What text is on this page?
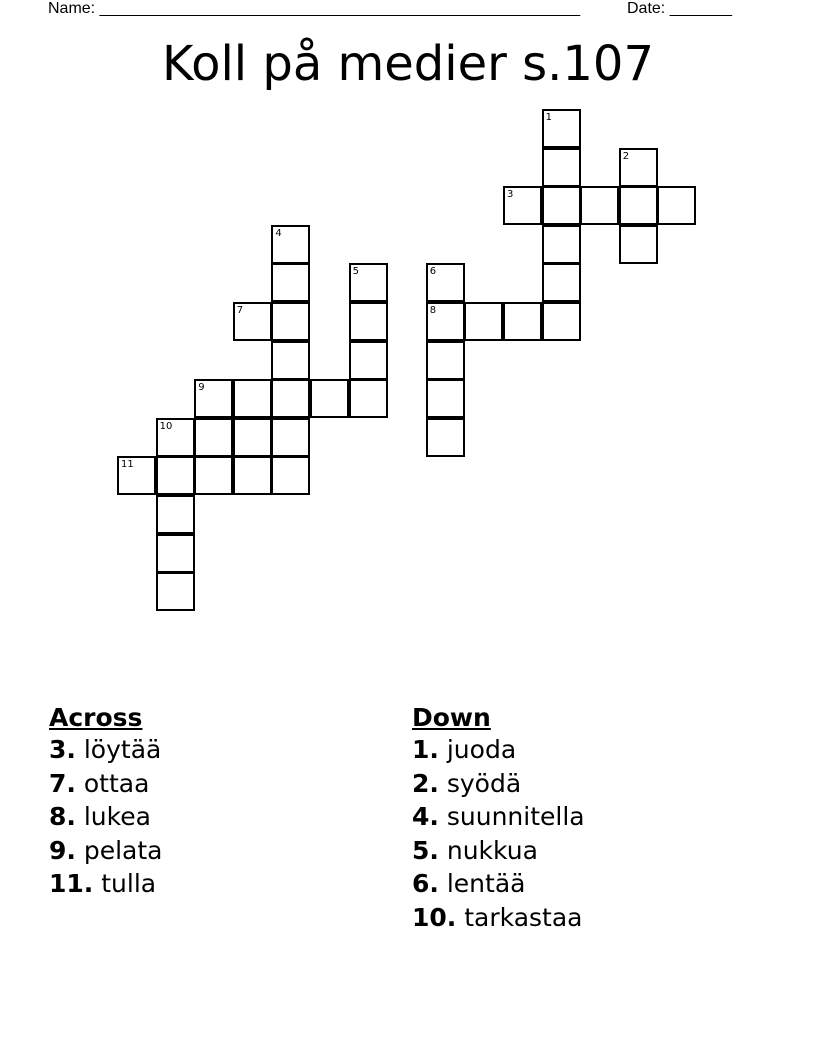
Name: ______________________________________________________	Date: _______
Koll på medier s.107
1
2
3
4
5	6
7	8
9
10
11
Across
3. löytää
7. ottaa
8. lukea
9. pelata
11. tulla
Down
1. juoda
2. syödä
4. suunnitella
5. nukkua
6. lentää
10. tarkastaa
